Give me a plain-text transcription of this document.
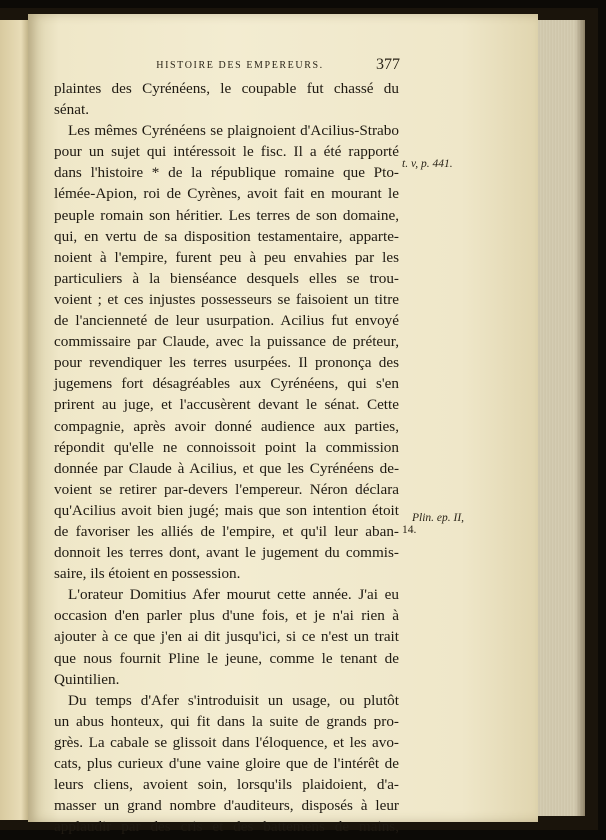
HISTOIRE DES EMPEREURS.	377
plaintes des Cyrénéens, le coupable fut chassé du
sénat.
Les mêmes Cyrénéens se plaignoient d'Acilius-Strabo
pour un sujet qui intéressoit le fisc. Il a été rapporté
dans l'histoire * de la république romaine que Pto-
lémée-Apion, roi de Cyrènes, avoit fait en mourant le
peuple romain son héritier. Les terres de son domaine,
qui, en vertu de sa disposition testamentaire, apparte-
noient à l'empire, furent peu à peu envahies par les
particuliers à la bienséance desquels elles se trou-
voient ; et ces injustes possesseurs se faisoient un titre
de l'ancienneté de leur usurpation. Acilius fut envoyé
commissaire par Claude, avec la puissance de préteur,
pour revendiquer les terres usurpées. Il prononça des
jugemens fort désagréables aux Cyrénéens, qui s'en
prirent au juge, et l'accusèrent devant le sénat. Cette
compagnie, après avoir donné audience aux parties,
répondit qu'elle ne connoissoit point la commission
donnée par Claude à Acilius, et que les Cyrénéens de-
voient se retirer par-devers l'empereur. Néron déclara
qu'Acilius avoit bien jugé; mais que son intention étoit
de favoriser les alliés de l'empire, et qu'il leur aban-
donnoit les terres dont, avant le jugement du commis-
saire, ils étoient en possession.
L'orateur Domitius Afer mourut cette année. J'ai eu
occasion d'en parler plus d'une fois, et je n'ai rien à
ajouter à ce que j'en ai dit jusqu'ici, si ce n'est un trait
que nous fournit Pline le jeune, comme le tenant de
Quintilien.
Du temps d'Afer s'introduisit un usage, ou plutôt
un abus honteux, qui fit dans la suite de grands pro-
grès. La cabale se glissoit dans l'éloquence, et les avo-
cats, plus curieux d'une vaine gloire que de l'intérêt de
leurs cliens, avoient soin, lorsqu'ils plaidoient, d'a-
masser un grand nombre d'auditeurs, disposés à leur
applaudir par des cris et des battemens de mains,
t. v, p. 441.
Plin. ep. II,
14.
